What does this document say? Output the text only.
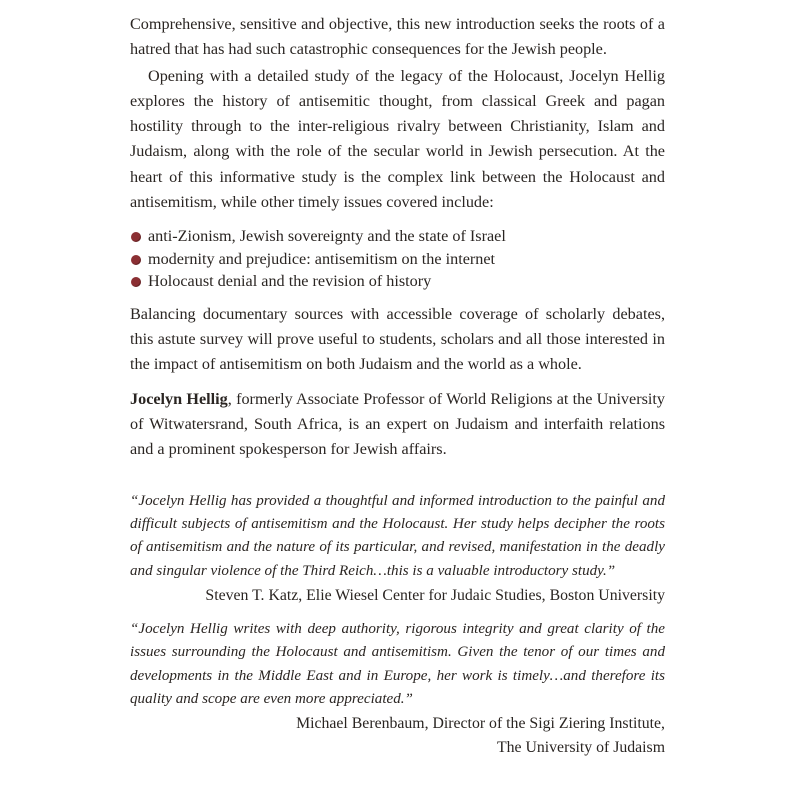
Comprehensive, sensitive and objective, this new introduction seeks the roots of a hatred that has had such catastrophic consequences for the Jewish people.

Opening with a detailed study of the legacy of the Holocaust, Jocelyn Hellig explores the history of antisemitic thought, from classical Greek and pagan hostility through to the inter-religious rivalry between Christianity, Islam and Judaism, along with the role of the secular world in Jewish persecution. At the heart of this informative study is the complex link between the Holocaust and antisemitism, while other timely issues covered include:

anti-Zionism, Jewish sovereignty and the state of Israel
modernity and prejudice: antisemitism on the internet
Holocaust denial and the revision of history

Balancing documentary sources with accessible coverage of scholarly debates, this astute survey will prove useful to students, scholars and all those interested in the impact of antisemitism on both Judaism and the world as a whole.

Jocelyn Hellig, formerly Associate Professor of World Religions at the University of Witwatersrand, South Africa, is an expert on Judaism and interfaith relations and a prominent spokesperson for Jewish affairs.

“Jocelyn Hellig has provided a thoughtful and informed introduction to the painful and difficult subjects of antisemitism and the Holocaust. Her study helps decipher the roots of antisemitism and the nature of its particular, and revised, manifestation in the deadly and singular violence of the Third Reich…this is a valuable introductory study.”

Steven T. Katz, Elie Wiesel Center for Judaic Studies, Boston University

“Jocelyn Hellig writes with deep authority, rigorous integrity and great clarity of the issues surrounding the Holocaust and antisemitism. Given the tenor of our times and developments in the Middle East and in Europe, her work is timely…and therefore its quality and scope are even more appreciated.”

Michael Berenbaum, Director of the Sigi Ziering Institute,

The University of Judaism
